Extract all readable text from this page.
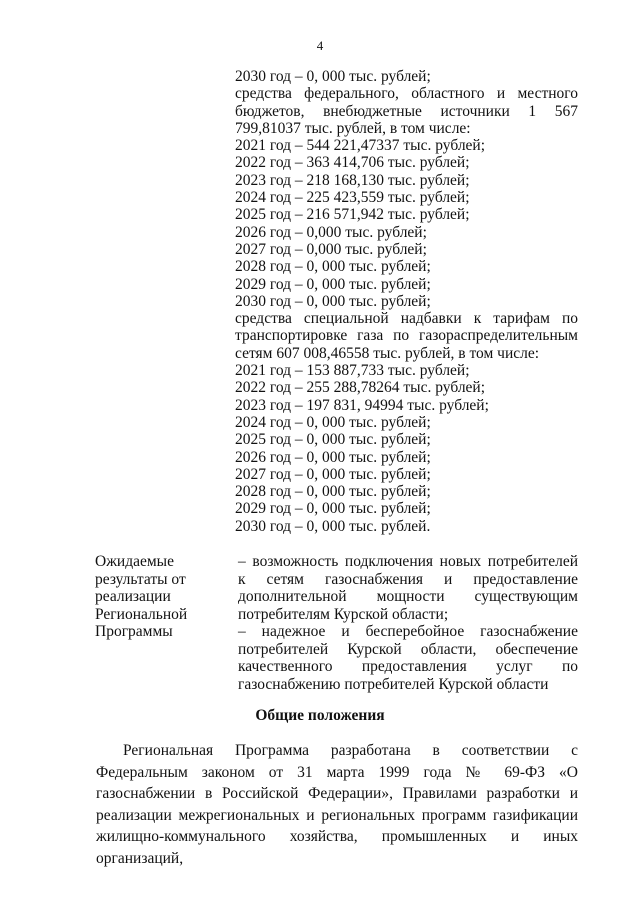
4
2030 год – 0, 000 тыс. рублей;
средства федерального, областного и местного бюджетов, внебюджетные источники 1 567 799,81037 тыс. рублей, в том числе:
2021 год – 544 221,47337 тыс. рублей;
2022 год – 363 414,706 тыс. рублей;
2023 год – 218 168,130 тыс. рублей;
2024 год – 225 423,559 тыс. рублей;
2025 год – 216 571,942 тыс. рублей;
2026 год – 0,000 тыс. рублей;
2027 год – 0,000 тыс. рублей;
2028 год – 0, 000 тыс. рублей;
2029 год – 0, 000 тыс. рублей;
2030 год – 0, 000 тыс. рублей;
средства специальной надбавки к тарифам по транспортировке газа по газораспределительным сетям 607 008,46558 тыс. рублей, в том числе:
2021 год – 153 887,733 тыс. рублей;
2022 год – 255 288,78264 тыс. рублей;
2023 год – 197 831, 94994 тыс. рублей;
2024 год – 0, 000 тыс. рублей;
2025 год – 0, 000 тыс. рублей;
2026 год – 0, 000 тыс. рублей;
2027 год – 0, 000 тыс. рублей;
2028 год – 0, 000 тыс. рублей;
2029 год – 0, 000 тыс. рублей;
2030 год – 0, 000 тыс. рублей.
Ожидаемые
результаты от
реализации
Региональной
Программы
– возможность подключения новых потребителей к сетям газоснабжения и предоставление дополнительной мощности существующим потребителям Курской области;
– надежное и бесперебойное газоснабжение потребителей Курской области, обеспечение качественного предоставления услуг по газоснабжению потребителей Курской области
Общие положения
Региональная Программа разработана в соответствии с Федеральным законом от 31 марта 1999 года № 69-ФЗ «О газоснабжении в Российской Федерации», Правилами разработки и реализации межрегиональных и региональных программ газификации жилищно-коммунального хозяйства, промышленных и иных организаций,
